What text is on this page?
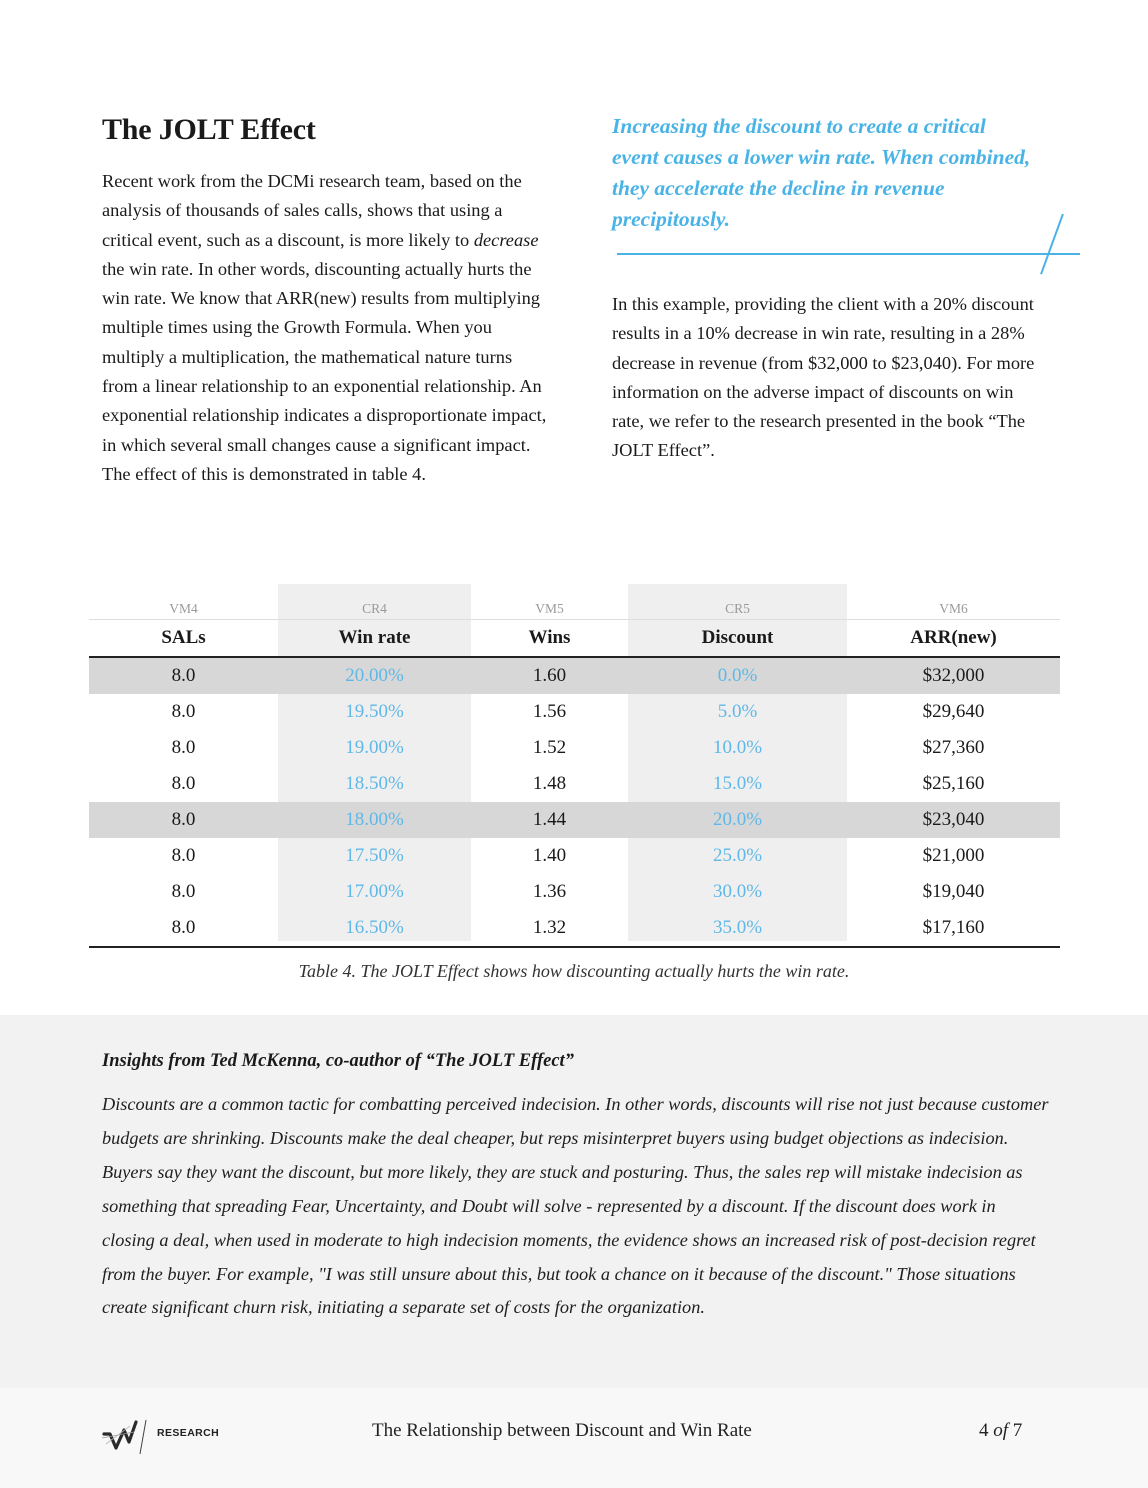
The JOLT Effect
Recent work from the DCMi research team, based on the analysis of thousands of sales calls, shows that using a critical event, such as a discount, is more likely to decrease the win rate. In other words, discounting actually hurts the win rate. We know that ARR(new) results from multiplying multiple times using the Growth Formula. When you multiply a multiplication, the mathematical nature turns from a linear relationship to an exponential relationship. An exponential relationship indicates a disproportionate impact, in which several small changes cause a significant impact. The effect of this is demonstrated in table 4.
Increasing the discount to create a critical event causes a lower win rate. When combined, they accelerate the decline in revenue precipitously.
In this example, providing the client with a 20% discount results in a 10% decrease in win rate, resulting in a 28% decrease in revenue (from $32,000 to $23,040). For more information on the adverse impact of discounts on win rate, we refer to the research presented in the book “The JOLT Effect”.
VM4	CR4	VM5	CR5	VM6
SALs	Win rate	Wins	Discount	ARR(new)
8.0	20.00%	1.60	0.0%	$32,000
8.0	19.50%	1.56	5.0%	$29,640
8.0	19.00%	1.52	10.0%	$27,360
8.0	18.50%	1.48	15.0%	$25,160
8.0	18.00%	1.44	20.0%	$23,040
8.0	17.50%	1.40	25.0%	$21,000
8.0	17.00%	1.36	30.0%	$19,040
8.0	16.50%	1.32	35.0%	$17,160
Table 4. The JOLT Effect shows how discounting actually hurts the win rate.
Insights from Ted McKenna, co-author of “The JOLT Effect”
Discounts are a common tactic for combatting perceived indecision. In other words, discounts will rise not just because customer budgets are shrinking. Discounts make the deal cheaper, but reps misinterpret buyers using budget objections as indecision. Buyers say they want the discount, but more likely, they are stuck and posturing. Thus, the sales rep will mistake indecision as something that spreading Fear, Uncertainty, and Doubt will solve - represented by a discount. If the discount does work in closing a deal, when used in moderate to high indecision moments, the evidence shows an increased risk of post-decision regret from the buyer. For example, "I was still unsure about this, but took a chance on it because of the discount." Those situations create significant churn risk, initiating a separate set of costs for the organization.
RESEARCH	The Relationship between Discount and Win Rate	4 of 7
